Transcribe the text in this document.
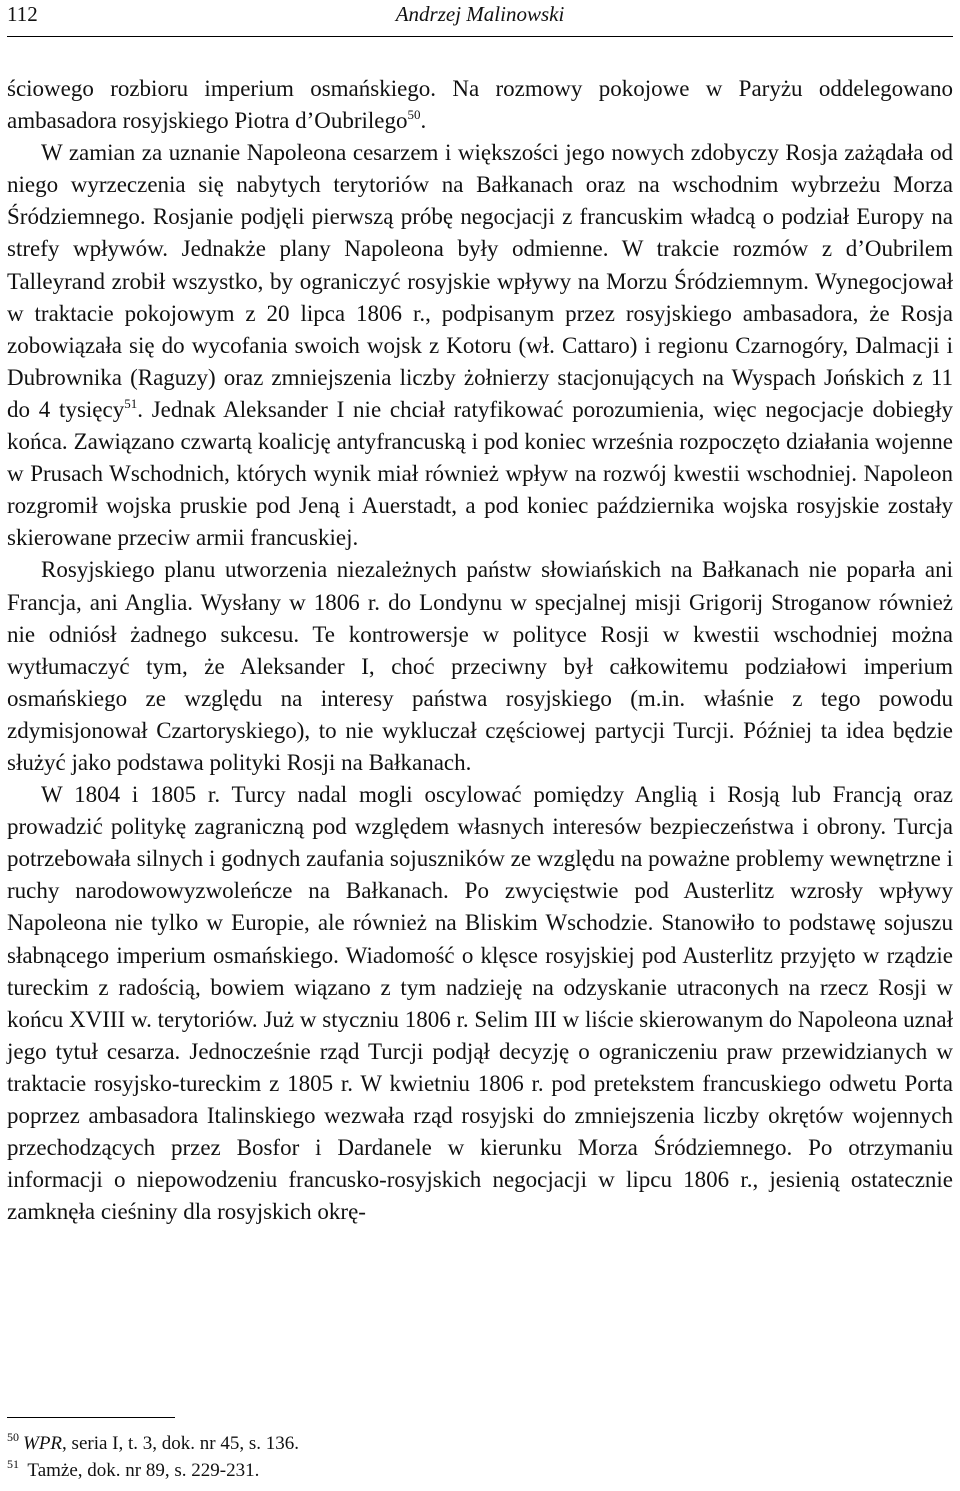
112	Andrzej Malinowski

ściowego rozbioru imperium osmańskiego. Na rozmowy pokojowe w Paryżu oddelegowano ambasadora rosyjskiego Piotra d’Oubrilego$^{50}$.

W zamian za uznanie Napoleona cesarzem i większości jego nowych zdobyczy Rosja zażądała od niego wyrzeczenia się nabytych terytoriów na Bałkanach oraz na wschodnim wybrzeżu Morza Śródziemnego. Rosjanie podjęli pierwszą próbę negocjacji z francuskim władcą o podział Europy na strefy wpływów. Jednakże plany Napoleona były odmienne. W trakcie rozmów z d’Oubrilem Talleyrand zrobił wszystko, by ograniczyć rosyjskie wpływy na Morzu Śródziemnym. Wynegocjował w traktacie pokojowym z 20 lipca 1806 r., podpisanym przez rosyjskiego ambasadora, że Rosja zobowiązała się do wycofania swoich wojsk z Kotoru (wł. Cattaro) i regionu Czarnogóry, Dalmacji i Dubrownika (Raguzy) oraz zmniejszenia liczby żołnierzy stacjonujących na Wyspach Jońskich z 11 do 4 tysięcy$^{51}$. Jednak Aleksander I nie chciał ratyfikować porozumienia, więc negocjacje dobiegły końca. Zawiązano czwartą koalicję antyfrancuską i pod koniec września rozpoczęto działania wojenne w Prusach Wschodnich, których wynik miał również wpływ na rozwój kwestii wschodniej. Napoleon rozgromił wojska pruskie pod Jeną i Auerstadt, a pod koniec października wojska rosyjskie zostały skierowane przeciw armii francuskiej.

Rosyjskiego planu utworzenia niezależnych państw słowiańskich na Bałkanach nie poparła ani Francja, ani Anglia. Wysłany w 1806 r. do Londynu w specjalnej misji Grigorij Stroganow również nie odniósł żadnego sukcesu. Te kontrowersje w polityce Rosji w kwestii wschodniej można wytłumaczyć tym, że Aleksander I, choć przeciwny był całkowitemu podziałowi imperium osmańskiego ze względu na interesy państwa rosyjskiego (m.in. właśnie z tego powodu zdymisjonował Czartoryskiego), to nie wykluczał częściowej partycji Turcji. Później ta idea będzie służyć jako podstawa polityki Rosji na Bałkanach.

W 1804 i 1805 r. Turcy nadal mogli oscylować pomiędzy Anglią i Rosją lub Francją oraz prowadzić politykę zagraniczną pod względem własnych interesów bezpieczeństwa i obrony. Turcja potrzebowała silnych i godnych zaufania sojuszników ze względu na poważne problemy wewnętrzne i ruchy narodowowyzwoleńcze na Bałkanach. Po zwycięstwie pod Austerlitz wzrosły wpływy Napoleona nie tylko w Europie, ale również na Bliskim Wschodzie. Stanowiło to podstawę sojuszu słabnącego imperium osmańskiego. Wiadomość o klęsce rosyjskiej pod Austerlitz przyjęto w rządzie tureckim z radością, bowiem wiązano z tym nadzieję na odzyskanie utraconych na rzecz Rosji w końcu XVIII w. terytoriów. Już w styczniu 1806 r. Selim III w liście skierowanym do Napoleona uznał jego tytuł cesarza. Jednocześnie rząd Turcji podjął decyzję o ograniczeniu praw przewidzianych w traktacie rosyjsko-tureckim z 1805 r. W kwietniu 1806 r. pod pretekstem francuskiego odwetu Porta poprzez ambasadora Italinskiego wezwała rząd rosyjski do zmniejszenia liczby okrętów wojennych przechodzących przez Bosfor i Dardanele w kierunku Morza Śródziemnego. Po otrzymaniu informacji o niepowodzeniu francusko-rosyjskich negocjacji w lipcu 1806 r., jesienią ostatecznie zamknęła cieśniny dla rosyjskich okrę-

$^{50}$ WPR, seria I, t. 3, dok. nr 45, s. 136.
$^{51}$ Tamże, dok. nr 89, s. 229-231.
